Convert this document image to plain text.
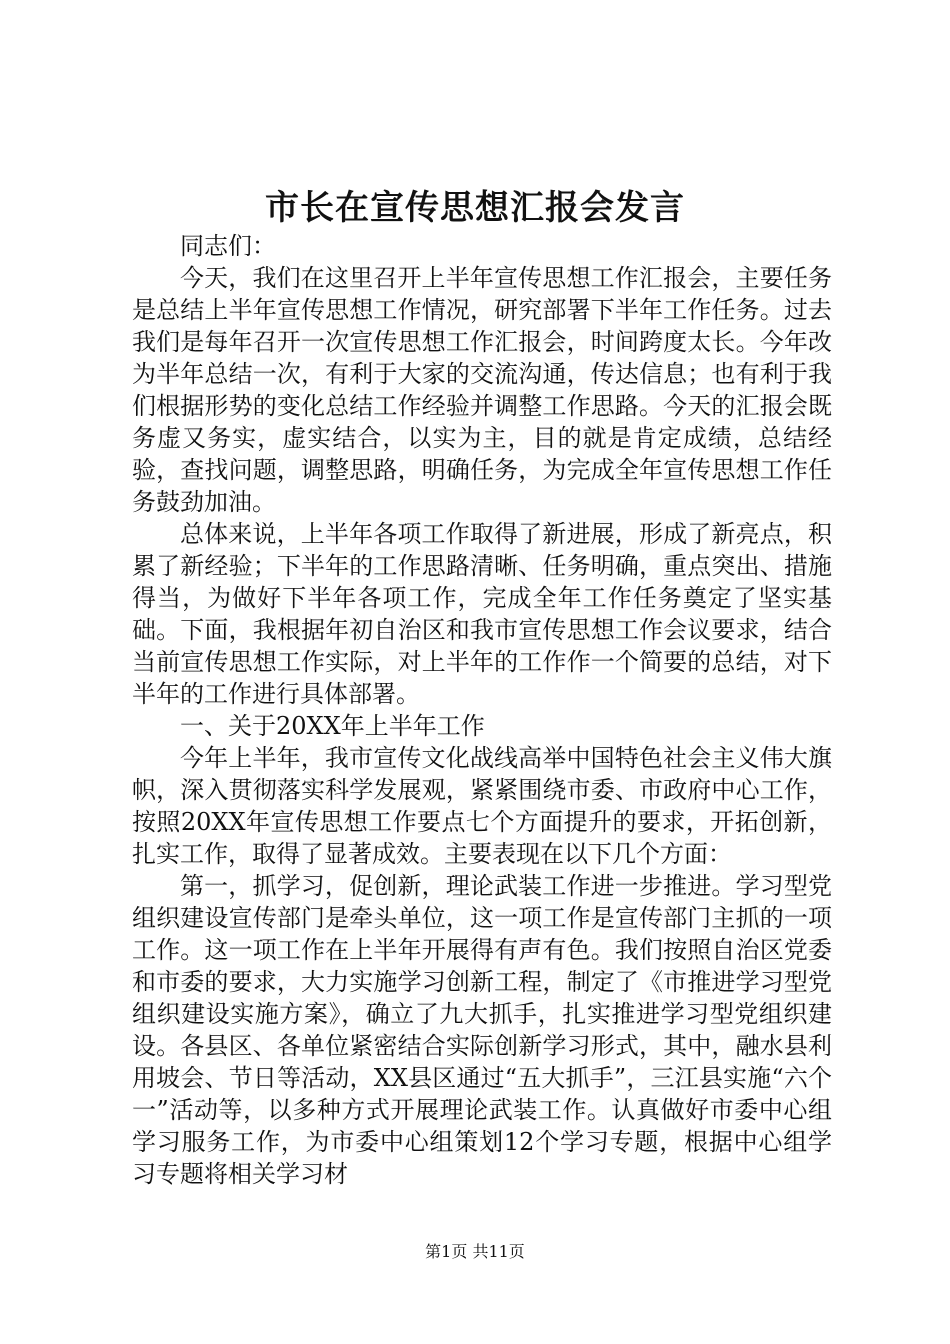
市长在宣传思想汇报会发言

同志们：

今天，我们在这里召开上半年宣传思想工作汇报会，主要任务是总结上半年宣传思想工作情况，研究部署下半年工作任务。过去我们是每年召开一次宣传思想工作汇报会，时间跨度太长。今年改为半年总结一次，有利于大家的交流沟通，传达信息；也有利于我们根据形势的变化总结工作经验并调整工作思路。今天的汇报会既务虚又务实，虚实结合，以实为主，目的就是肯定成绩，总结经验，查找问题，调整思路，明确任务，为完成全年宣传思想工作任务鼓劲加油。

总体来说，上半年各项工作取得了新进展，形成了新亮点，积累了新经验；下半年的工作思路清晰、任务明确，重点突出、措施得当，为做好下半年各项工作，完成全年工作任务奠定了坚实基础。下面，我根据年初自治区和我市宣传思想工作会议要求，结合当前宣传思想工作实际，对上半年的工作作一个简要的总结，对下半年的工作进行具体部署。

一、关于20XX年上半年工作

今年上半年，我市宣传文化战线高举中国特色社会主义伟大旗帜，深入贯彻落实科学发展观，紧紧围绕市委、市政府中心工作，按照20XX年宣传思想工作要点七个方面提升的要求，开拓创新，扎实工作，取得了显著成效。主要表现在以下几个方面：

第一，抓学习，促创新，理论武装工作进一步推进。学习型党组织建设宣传部门是牵头单位，这一项工作是宣传部门主抓的一项工作。这一项工作在上半年开展得有声有色。我们按照自治区党委和市委的要求，大力实施学习创新工程，制定了《市推进学习型党组织建设实施方案》，确立了九大抓手，扎实推进学习型党组织建设。各县区、各单位紧密结合实际创新学习形式，其中，融水县利用坡会、节日等活动，XX县区通过“五大抓手”，三江县实施“六个一”活动等，以多种方式开展理论武装工作。认真做好市委中心组学习服务工作，为市委中心组策划12个学习专题，根据中心组学习专题将相关学习材

第1页 共11页
